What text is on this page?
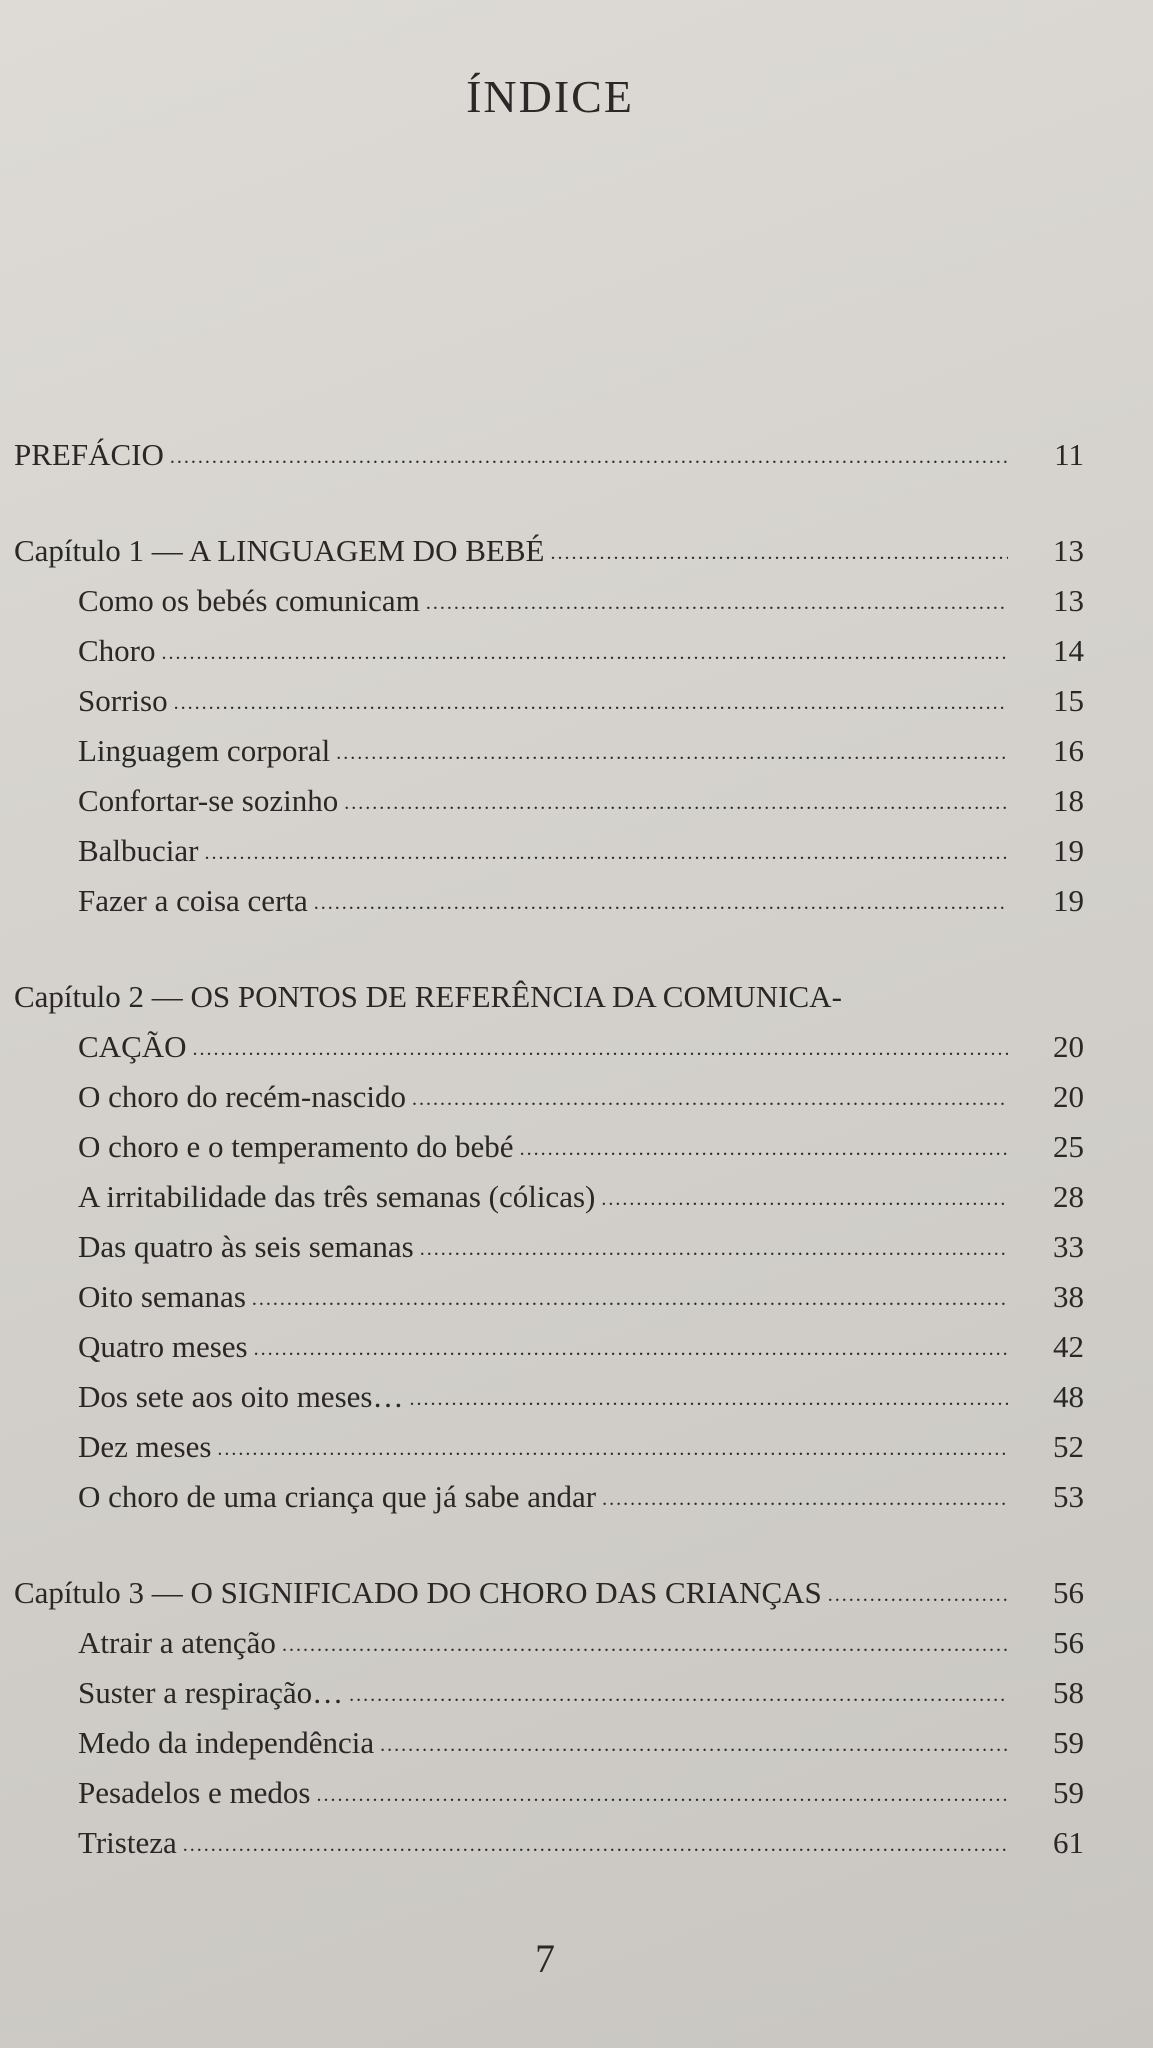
ÍNDICE
PREFÁCIO .....	11
Capítulo 1 — A LINGUAGEM DO BEBÉ .....	13
Como os bebés comunicam .....	13
Choro .....	14
Sorriso .....	15
Linguagem corporal .....	16
Confortar-se sozinho .....	18
Balbuciar .....	19
Fazer a coisa certa .....	19
Capítulo 2 — OS PONTOS DE REFERÊNCIA DA COMUNICA-
CAÇÃO .....	20
O choro do recém-nascido .....	20
O choro e o temperamento do bebé .....	25
A irritabilidade das três semanas (cólicas) .....	28
Das quatro às seis semanas .....	33
Oito semanas .....	38
Quatro meses .....	42
Dos sete aos oito meses… .....	48
Dez meses .....	52
O choro de uma criança que já sabe andar .....	53
Capítulo 3 — O SIGNIFICADO DO CHORO DAS CRIANÇAS .....	56
Atrair a atenção .....	56
Suster a respiração… .....	58
Medo da independência .....	59
Pesadelos e medos .....	59
Tristeza .....	61
7
